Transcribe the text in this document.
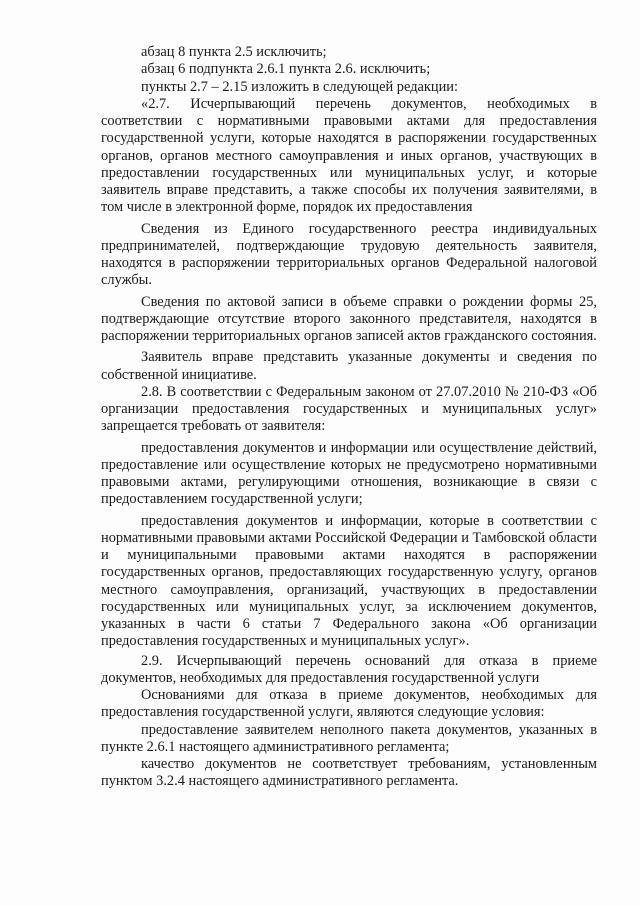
абзац 8 пункта 2.5 исключить;

абзац 6 подпункта 2.6.1 пункта 2.6. исключить;

пункты 2.7 – 2.15 изложить в следующей редакции:

«2.7. Исчерпывающий перечень документов, необходимых в соответствии с нормативными правовыми актами для предоставления государственной услуги, которые находятся в распоряжении государственных органов, органов местного самоуправления и иных органов, участвующих в предоставлении государственных или муниципальных услуг, и которые заявитель вправе представить, а также способы их получения заявителями, в том числе в электронной форме, порядок их предоставления

Сведения из Единого государственного реестра индивидуальных предпринимателей, подтверждающие трудовую деятельность заявителя, находятся в распоряжении территориальных органов Федеральной налоговой службы.

Сведения по актовой записи в объеме справки о рождении формы 25, подтверждающие отсутствие второго законного представителя, находятся в распоряжении территориальных органов записей актов гражданского состояния.

Заявитель вправе представить указанные документы и сведения по собственной инициативе.

2.8. В соответствии с Федеральным законом от 27.07.2010 № 210-ФЗ «Об организации предоставления государственных и муниципальных услуг» запрещается требовать от заявителя:

предоставления документов и информации или осуществление действий, предоставление или осуществление которых не предусмотрено нормативными правовыми актами, регулирующими отношения, возникающие в связи с предоставлением государственной услуги;

предоставления документов и информации, которые в соответствии с нормативными правовыми актами Российской Федерации и Тамбовской области и муниципальными правовыми актами находятся в распоряжении государственных органов, предоставляющих государственную услугу, органов местного самоуправления, организаций, участвующих в предоставлении государственных или муниципальных услуг, за исключением документов, указанных в части 6 статьи 7 Федерального закона «Об организации предоставления государственных и муниципальных услуг».

2.9. Исчерпывающий перечень оснований для отказа в приеме документов, необходимых для предоставления государственной услуги

Основаниями для отказа в приеме документов, необходимых для предоставления государственной услуги, являются следующие условия:

предоставление заявителем неполного пакета документов, указанных в пункте 2.6.1 настоящего административного регламента;

качество документов не соответствует требованиям, установленным пунктом 3.2.4 настоящего административного регламента.
